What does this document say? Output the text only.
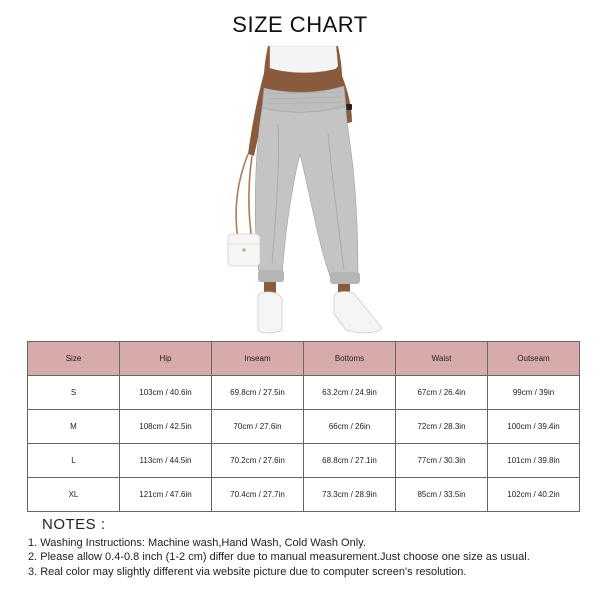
SIZE CHART
Size	Hip	Inseam	Bottoms	Waist	Outseam
S	103cm / 40.6in	69.8cm / 27.5in	63.2cm / 24.9in	67cm / 26.4in	99cm / 39in
M	108cm / 42.5in	70cm / 27.6in	66cm / 26in	72cm / 28.3in	100cm / 39.4in
L	113cm / 44.5in	70.2cm / 27.6in	68.8cm / 27.1in	77cm / 30.3in	101cm / 39.8in
XL	121cm / 47.6in	70.4cm / 27.7in	73.3cm / 28.9in	85cm / 33.5in	102cm / 40.2in
NOTES :
1. Washing Instructions: Machine wash,Hand Wash, Cold Wash Only.
2. Please allow 0.4-0.8 inch (1-2 cm) differ due to manual measurement.Just choose one size as usual.
3. Real color may slightly different via website picture due to computer screen's resolution.
